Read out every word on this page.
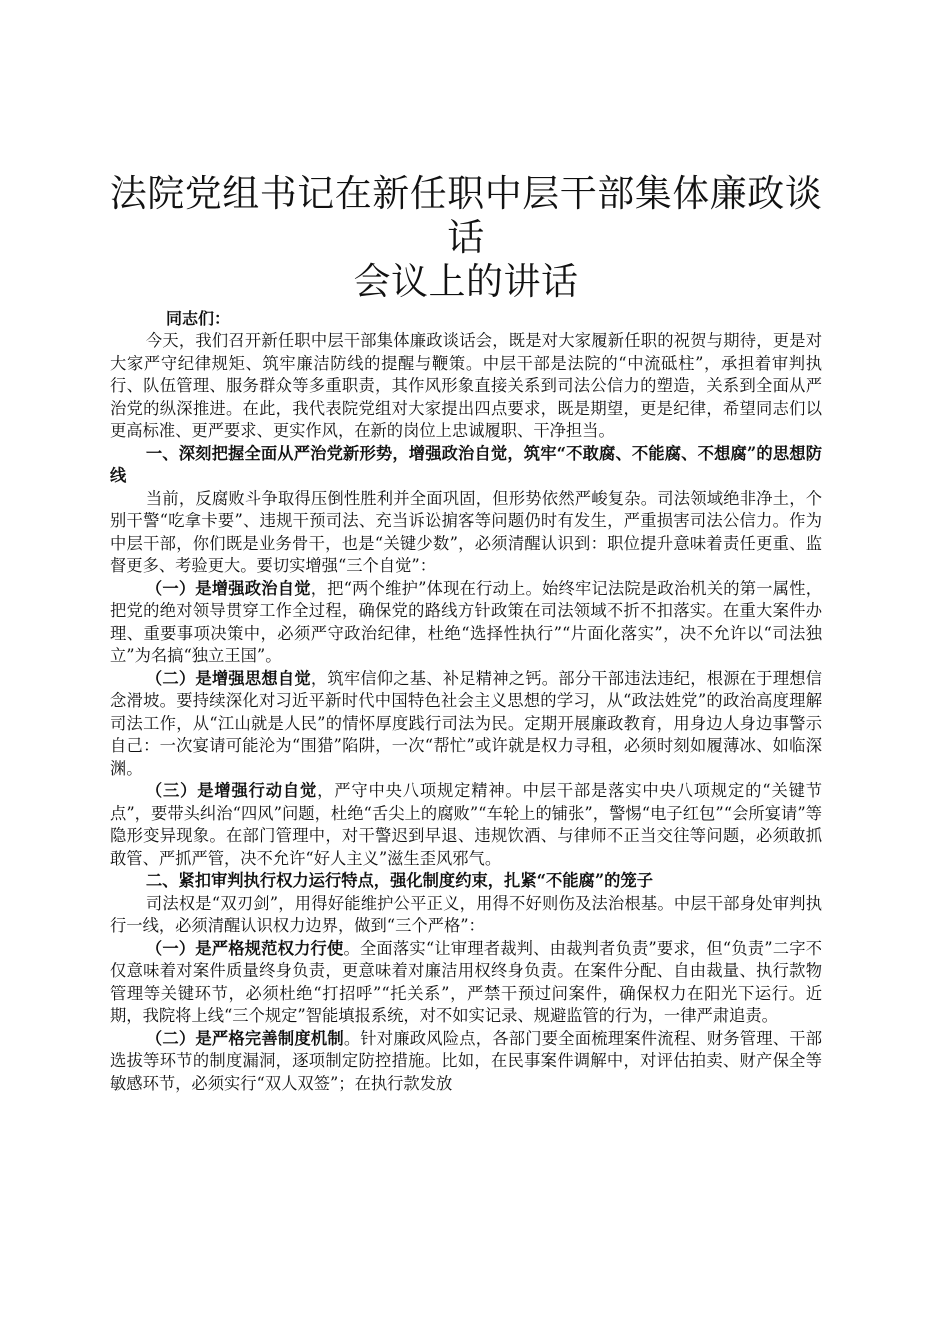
法院党组书记在新任职中层干部集体廉政谈话
会议上的讲话
同志们：

今天，我们召开新任职中层干部集体廉政谈话会，既是对大家履新任职的祝贺与期待，更是对大家严守纪律规矩、筑牢廉洁防线的提醒与鞭策。中层干部是法院的“中流砥柱”，承担着审判执行、队伍管理、服务群众等多重职责，其作风形象直接关系到司法公信力的塑造，关系到全面从严治党的纵深推进。在此，我代表院党组对大家提出四点要求，既是期望，更是纪律，希望同志们以更高标准、更严要求、更实作风，在新的岗位上忠诚履职、干净担当。

一、深刻把握全面从严治党新形势，增强政治自觉，筑牢“不敢腐、不能腐、不想腐”的思想防线

当前，反腐败斗争取得压倒性胜利并全面巩固，但形势依然严峻复杂。司法领域绝非净土，个别干警“吃拿卡要”、违规干预司法、充当诉讼掮客等问题仍时有发生，严重损害司法公信力。作为中层干部，你们既是业务骨干，也是“关键少数”，必须清醒认识到：职位提升意味着责任更重、监督更多、考验更大。要切实增强“三个自觉”：

（一）是增强政治自觉，把“两个维护”体现在行动上。始终牢记法院是政治机关的第一属性，把党的绝对领导贯穿工作全过程，确保党的路线方针政策在司法领域不折不扣落实。在重大案件办理、重要事项决策中，必须严守政治纪律，杜绝“选择性执行”“片面化落实”，决不允许以“司法独立”为名搞“独立王国”。

（二）是增强思想自觉，筑牢信仰之基、补足精神之钙。部分干部违法违纪，根源在于理想信念滑坡。要持续深化对习近平新时代中国特色社会主义思想的学习，从“政法姓党”的政治高度理解司法工作，从“江山就是人民”的情怀厚度践行司法为民。定期开展廉政教育，用身边人身边事警示自己：一次宴请可能沦为“围猎”陷阱，一次“帮忙”或许就是权力寻租，必须时刻如履薄冰、如临深渊。

（三）是增强行动自觉，严守中央八项规定精神。中层干部是落实中央八项规定的“关键节点”，要带头纠治“四风”问题，杜绝“舌尖上的腐败”“车轮上的铺张”，警惕“电子红包”“会所宴请”等隐形变异现象。在部门管理中，对干警迟到早退、违规饮酒、与律师不正当交往等问题，必须敢抓敢管、严抓严管，决不允许“好人主义”滋生歪风邪气。

二、紧扣审判执行权力运行特点，强化制度约束，扎紧“不能腐”的笼子

司法权是“双刃剑”，用得好能维护公平正义，用得不好则伤及法治根基。中层干部身处审判执行一线，必须清醒认识权力边界，做到“三个严格”：

（一）是严格规范权力行使。全面落实“让审理者裁判、由裁判者负责”要求，但“负责”二字不仅意味着对案件质量终身负责，更意味着对廉洁用权终身负责。在案件分配、自由裁量、执行款物管理等关键环节，必须杜绝“打招呼”“托关系”，严禁干预过问案件，确保权力在阳光下运行。近期，我院将上线“三个规定”智能填报系统，对不如实记录、规避监管的行为，一律严肃追责。

（二）是严格完善制度机制。针对廉政风险点，各部门要全面梳理案件流程、财务管理、干部选拔等环节的制度漏洞，逐项制定防控措施。比如，在民事案件调解中，对评估拍卖、财产保全等敏感环节，必须实行“双人双签”；在执行款发放
